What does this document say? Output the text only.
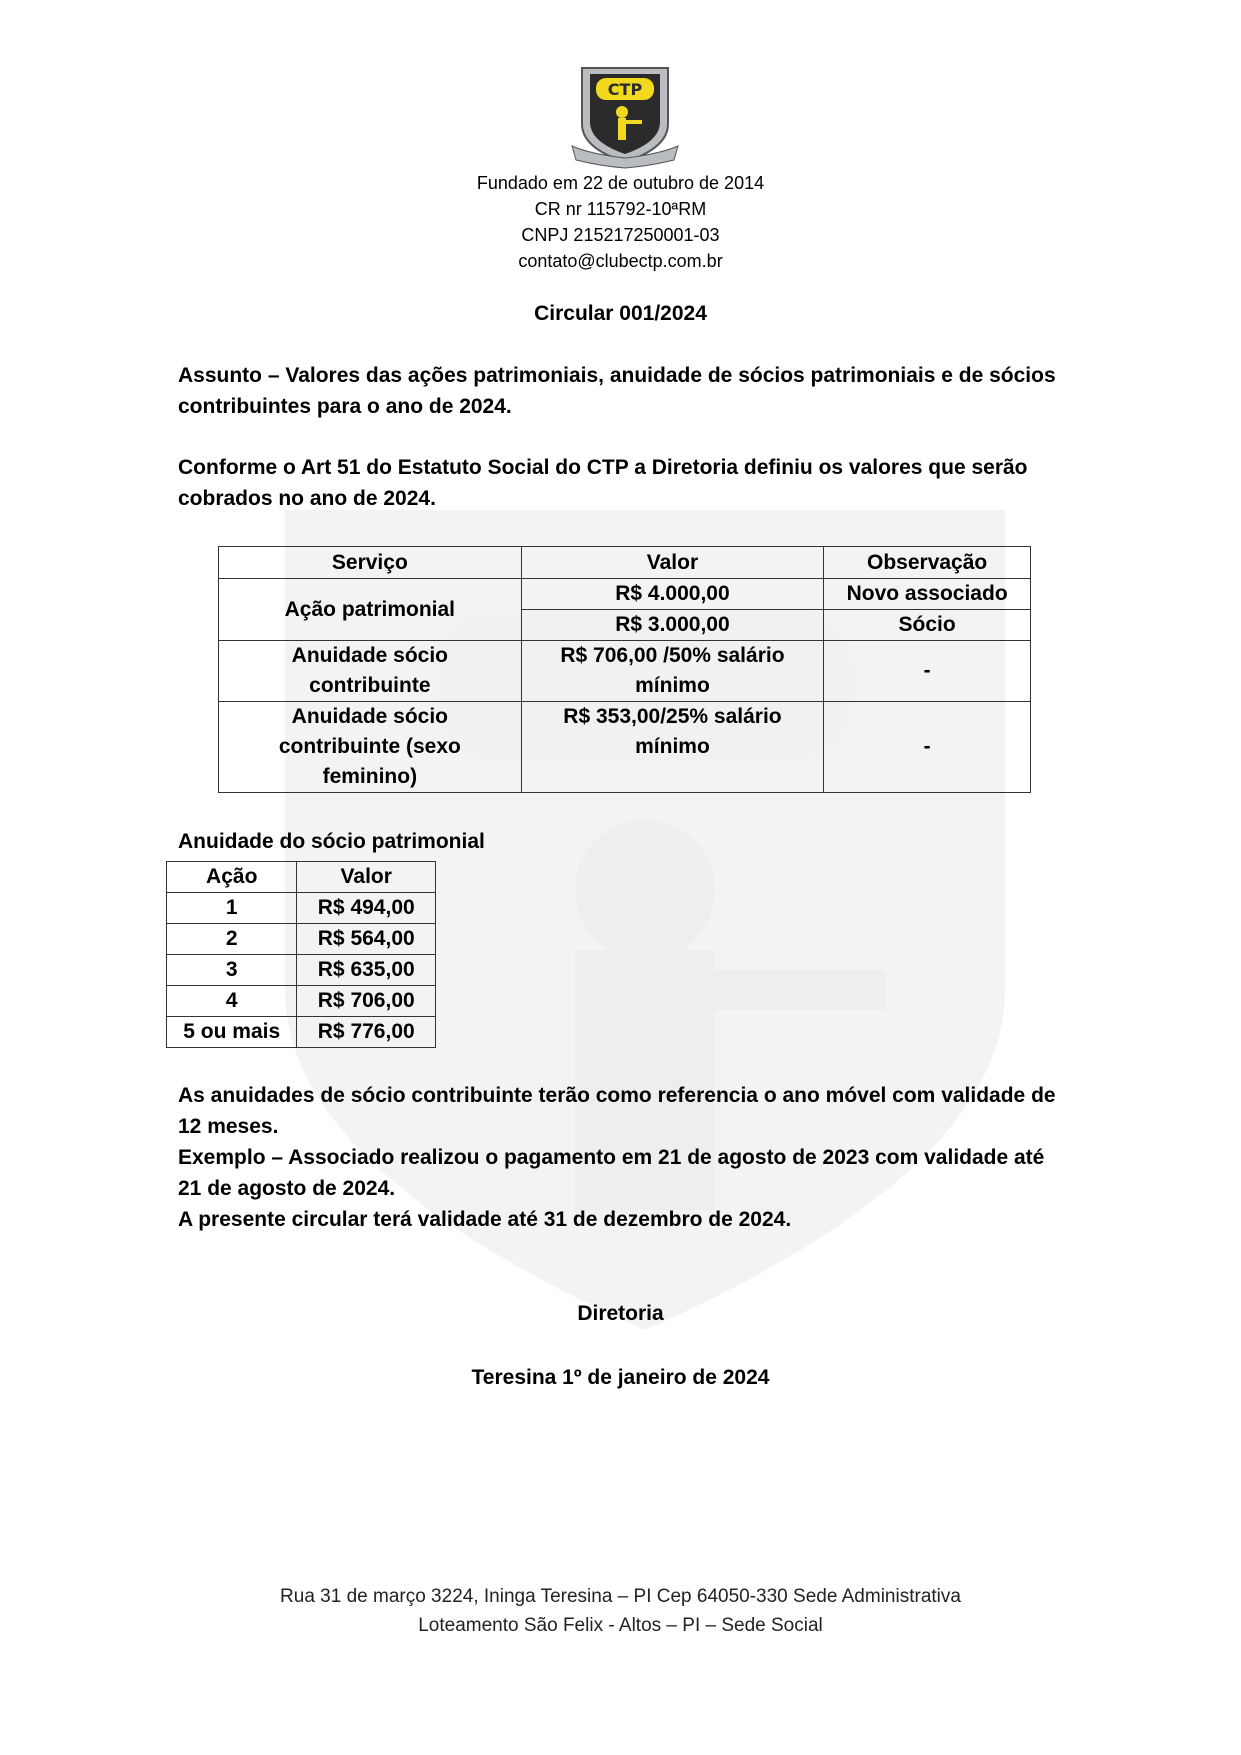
CTP
Fundado em 22 de outubro de 2014
CR nr 115792-10ªRM
CNPJ 215217250001-03
contato@clubectp.com.br
Circular 001/2024
Assunto – Valores das ações patrimoniais, anuidade de sócios patrimoniais e de sócios contribuintes para o ano de 2024.
Conforme o Art 51 do Estatuto Social do CTP a Diretoria definiu os valores que serão cobrados no ano de 2024.
Serviço	Valor	Observação
Ação patrimonial	R$ 4.000,00	Novo associado
	R$ 3.000,00	Sócio
Anuidade sócio contribuinte	R$ 706,00 /50% salário mínimo	-
Anuidade sócio contribuinte (sexo feminino)	R$ 353,00/25% salário mínimo	-
Anuidade do sócio patrimonial
Ação	Valor
1	R$ 494,00
2	R$ 564,00
3	R$ 635,00
4	R$ 706,00
5 ou mais	R$ 776,00
As anuidades de sócio contribuinte terão como referencia o ano móvel com validade de 12 meses.
Exemplo – Associado realizou o pagamento em 21 de agosto de 2023 com validade até 21 de agosto de 2024.
A presente circular terá validade até 31 de dezembro de 2024.
Diretoria
Teresina 1º de janeiro de 2024
Rua 31 de março 3224, Ininga Teresina – PI Cep 64050-330 Sede Administrativa
Loteamento São Felix - Altos – PI – Sede Social
